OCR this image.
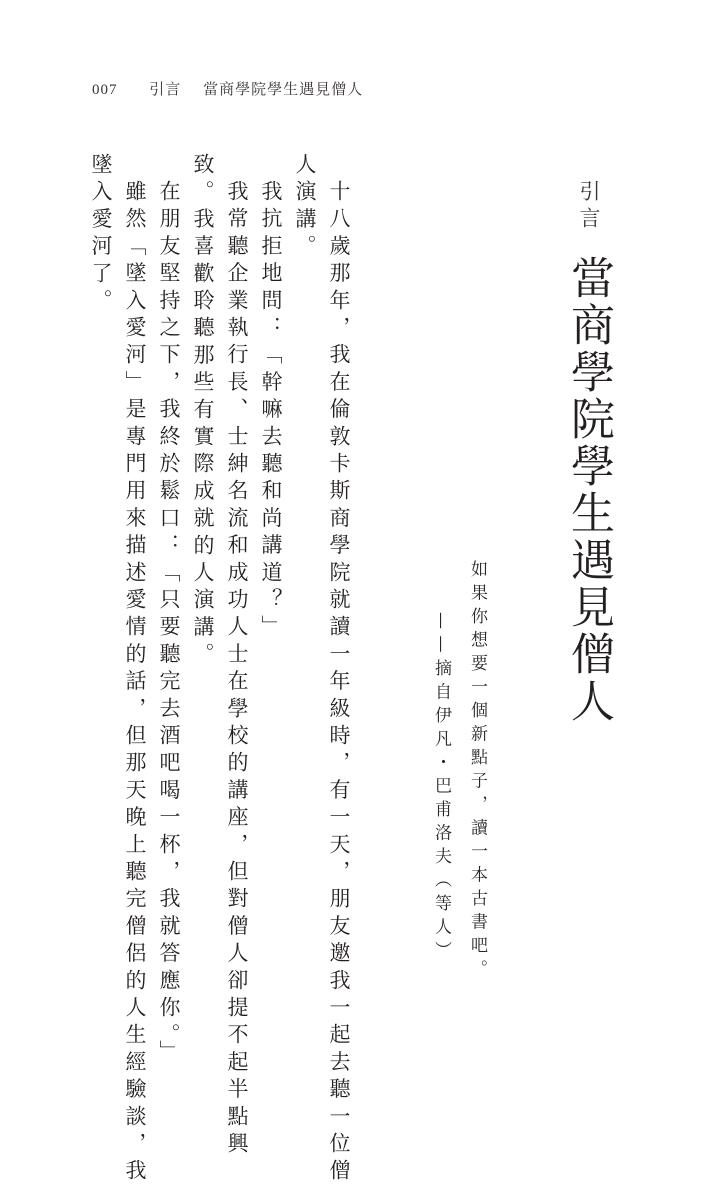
007 引言 當商學院學生遇見僧人
引言
當商學院學生遇見僧人
如果你想要一個新點子，讀一本古書吧。
——摘自伊凡・巴甫洛夫（等人）
十八歲那年，我在倫敦卡斯商學院就讀一年級時，有一天，朋友邀我一起去聽一位僧
人演講。
我抗拒地問：「幹嘛去聽和尚講道？」
我常聽企業執行長、士紳名流和成功人士在學校的講座，但對僧人卻提不起半點興
致。我喜歡聆聽那些有實際成就的人演講。
在朋友堅持之下，我終於鬆口：「只要聽完去酒吧喝一杯，我就答應你。」
雖然「墜入愛河」是專門用來描述愛情的話，但那天晚上聽完僧侶的人生經驗談，我
墜入愛河了。
